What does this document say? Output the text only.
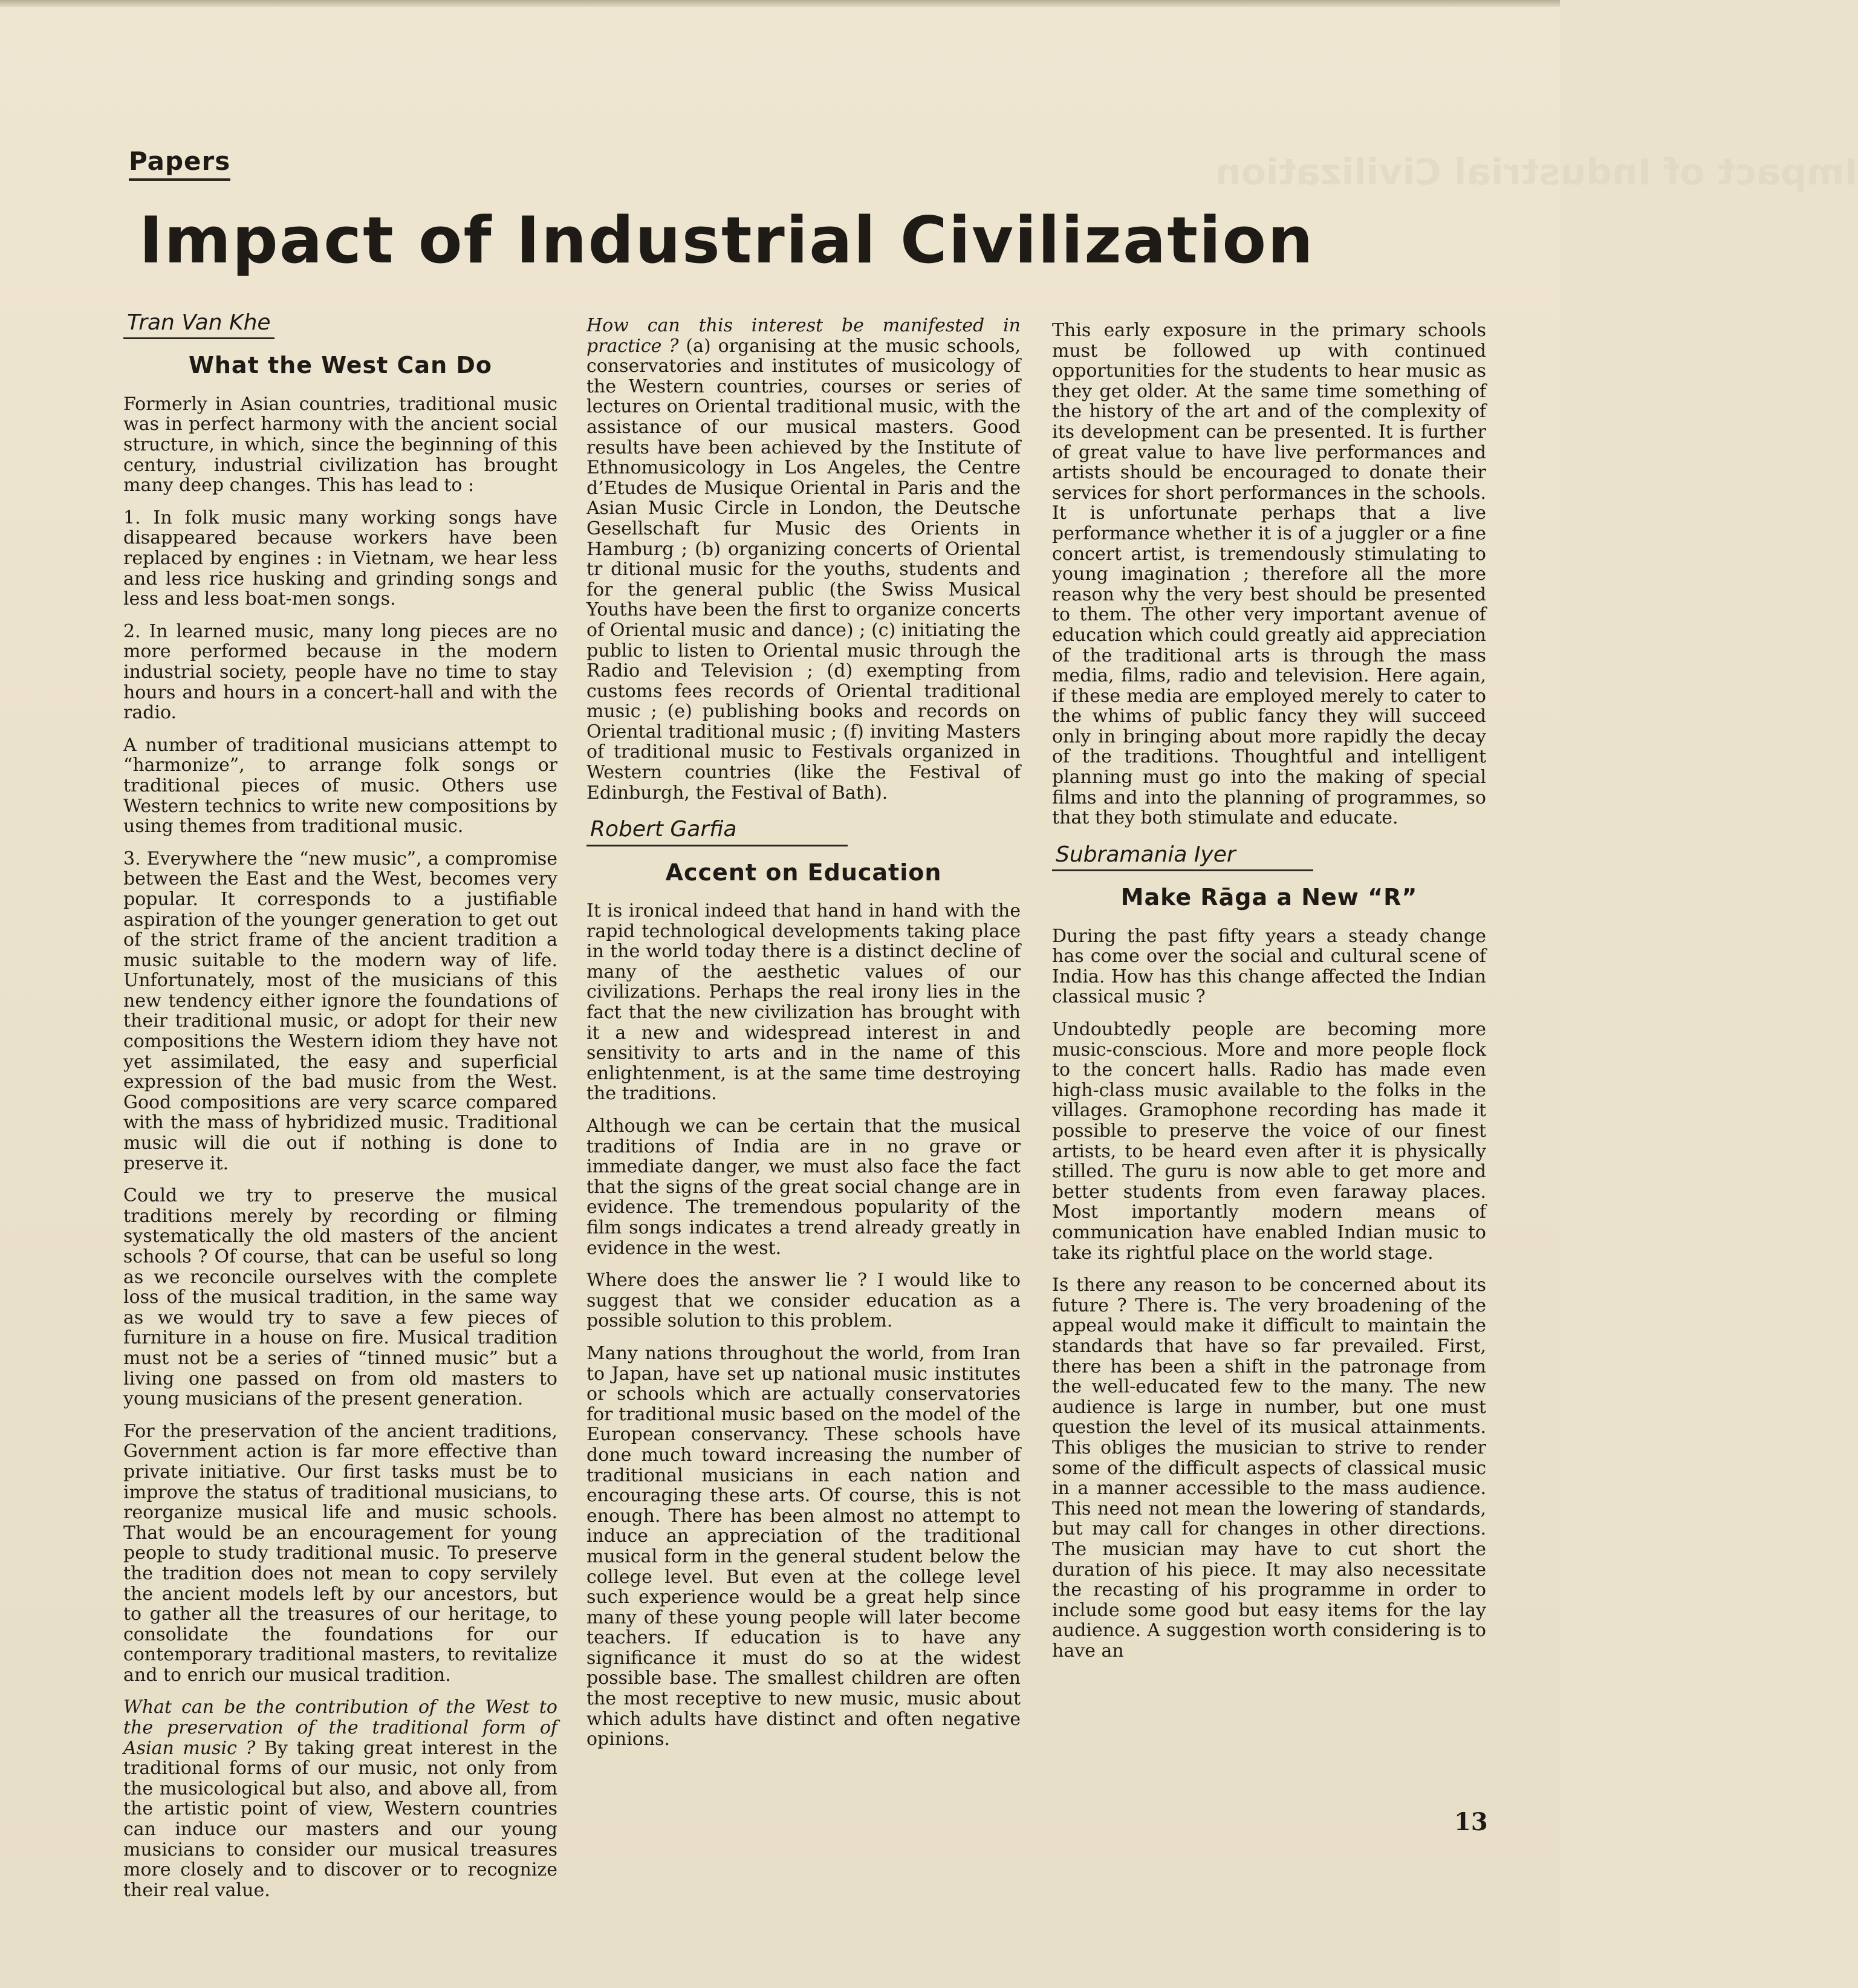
Impact of Industrial Civilization
Papers
Impact of Industrial Civilization
Tran Van Khe
What the West Can Do

Formerly in Asian countries, traditional music was in perfect harmony with the ancient social structure, in which, since the beginning of this century, industrial civilization has brought many deep changes. This has lead to :

1. In folk music many working songs have disappeared because workers have been replaced by engines : in Vietnam, we hear less and less rice husking and grinding songs and less and less boat-men songs.

2. In learned music, many long pieces are no more performed because in the modern industrial society, people have no time to stay hours and hours in a concert-hall and with the radio.

A number of traditional musicians attempt to “harmonize”, to arrange folk songs or traditional pieces of music. Others use Western technics to write new compositions by using themes from traditional music.

3. Everywhere the “new music”, a compromise between the East and the West, becomes very popular. It corresponds to a justifiable aspiration of the younger generation to get out of the strict frame of the ancient tradition a music suitable to the modern way of life. Unfortunately, most of the musicians of this new tendency either ignore the foundations of their traditional music, or adopt for their new compositions the Western idiom they have not yet assimilated, the easy and superficial expression of the bad music from the West. Good compositions are very scarce compared with the mass of hybridized music. Traditional music will die out if nothing is done to preserve it.

Could we try to preserve the musical traditions merely by recording or filming systematically the old masters of the ancient schools ? Of course, that can be useful so long as we reconcile ourselves with the complete loss of the musical tradition, in the same way as we would try to save a few pieces of furniture in a house on fire. Musical tradition must not be a series of “tinned music” but a living one passed on from old masters to young musicians of the present generation.

For the preservation of the ancient traditions, Government action is far more effective than private initiative. Our first tasks must be to improve the status of traditional musicians, to reorganize musical life and music schools. That would be an encouragement for young people to study traditional music. To preserve the tradition does not mean to copy servilely the ancient models left by our ancestors, but to gather all the treasures of our heritage, to consolidate the foundations for our contemporary traditional masters, to revitalize and to enrich our musical tradition.

What can be the contribution of the West to the preservation of the traditional form of Asian music ? By taking great interest in the traditional forms of our music, not only from the musicological but also, and above all, from the artistic point of view, Western countries can induce our masters and our young musicians to consider our musical treasures more closely and to discover or to recognize their real value.

How can this interest be manifested in practice ? (a) organising at the music schools, conservatories and institutes of musicology of the Western countries, courses or series of lectures on Oriental traditional music, with the assistance of our musical masters. Good results have been achieved by the Institute of Ethnomusicology in Los Angeles, the Centre d’Etudes de Musique Oriental in Paris and the Asian Music Circle in London, the Deutsche Gesellschaft fur Music des Orients in Hamburg ; (b) organizing concerts of Oriental tr ditional music for the youths, students and for the general public (the Swiss Musical Youths have been the first to organize concerts of Oriental music and dance) ; (c) initiating the public to listen to Oriental music through the Radio and Television ; (d) exempting from customs fees records of Oriental traditional music ; (e) publishing books and records on Oriental traditional music ; (f) inviting Masters of traditional music to Festivals organized in Western countries (like the Festival of Edinburgh, the Festival of Bath).

Robert Garfia
Accent on Education

It is ironical indeed that hand in hand with the rapid technological developments taking place in the world today there is a distinct decline of many of the aesthetic values of our civilizations. Perhaps the real irony lies in the fact that the new civilization has brought with it a new and widespread interest in and sensitivity to arts and in the name of this enlightenment, is at the same time destroying the traditions.

Although we can be certain that the musical traditions of India are in no grave or immediate danger, we must also face the fact that the signs of the great social change are in evidence. The tremendous popularity of the film songs indicates a trend already greatly in evidence in the west.

Where does the answer lie ? I would like to suggest that we consider education as a possible solution to this problem.

Many nations throughout the world, from Iran to Japan, have set up national music institutes or schools which are actually conservatories for traditional music based on the model of the European conservancy. These schools have done much toward increasing the number of traditional musicians in each nation and encouraging these arts. Of course, this is not enough. There has been almost no attempt to induce an appreciation of the traditional musical form in the general student below the college level. But even at the college level such experience would be a great help since many of these young people will later become teachers. If education is to have any significance it must do so at the widest possible base. The smallest children are often the most receptive to new music, music about which adults have distinct and often negative opinions.

This early exposure in the primary schools must be followed up with continued opportunities for the students to hear music as they get older. At the same time something of the history of the art and of the complexity of its development can be presented. It is further of great value to have live performances and artists should be encouraged to donate their services for short performances in the schools. It is unfortunate perhaps that a live performance whether it is of a juggler or a fine concert artist, is tremendously stimulating to young imagination ; therefore all the more reason why the very best should be presented to them. The other very important avenue of education which could greatly aid appreciation of the traditional arts is through the mass media, films, radio and television. Here again, if these media are employed merely to cater to the whims of public fancy they will succeed only in bringing about more rapidly the decay of the traditions. Thoughtful and intelligent planning must go into the making of special films and into the planning of programmes, so that they both stimulate and educate.

Subramania Iyer
Make Rāga a New “R”

During the past fifty years a steady change has come over the social and cultural scene of India. How has this change affected the Indian classical music ?

Undoubtedly people are becoming more music-conscious. More and more people flock to the concert halls. Radio has made even high-class music available to the folks in the villages. Gramophone recording has made it possible to preserve the voice of our finest artists, to be heard even after it is physically stilled. The guru is now able to get more and better students from even faraway places. Most importantly modern means of communication have enabled Indian music to take its rightful place on the world stage.

Is there any reason to be concerned about its future ? There is. The very broadening of the appeal would make it difficult to maintain the standards that have so far prevailed. First, there has been a shift in the patronage from the well-educated few to the many. The new audience is large in number, but one must question the level of its musical attainments. This obliges the musician to strive to render some of the difficult aspects of classical music in a manner accessible to the mass audience. This need not mean the lowering of standards, but may call for changes in other directions. The musician may have to cut short the duration of his piece. It may also necessitate the recasting of his programme in order to include some good but easy items for the lay audience. A suggestion worth considering is to have an

13
